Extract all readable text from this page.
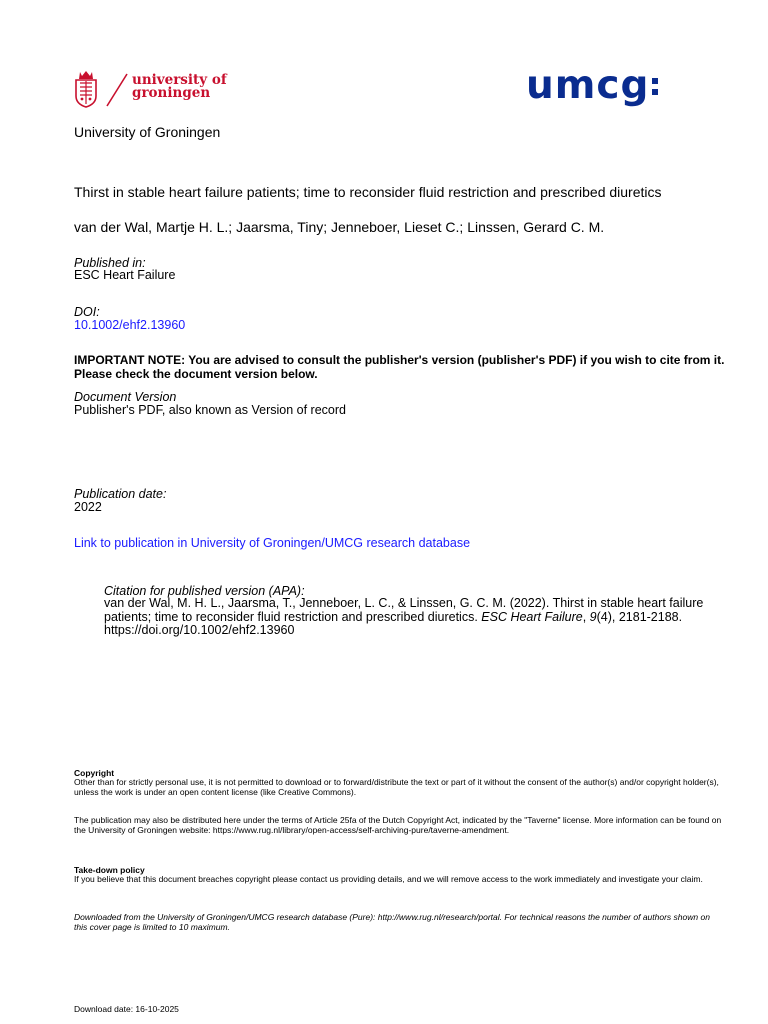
university of
groningen	umcg
University of Groningen
Thirst in stable heart failure patients; time to reconsider fluid restriction and prescribed diuretics
van der Wal, Martje H. L.; Jaarsma, Tiny; Jenneboer, Lieset C.; Linssen, Gerard C. M.
Published in:
ESC Heart Failure
DOI:
10.1002/ehf2.13960
IMPORTANT NOTE: You are advised to consult the publisher's version (publisher's PDF) if you wish to cite from it. Please check the document version below.
Document Version
Publisher's PDF, also known as Version of record
Publication date:
2022
Link to publication in University of Groningen/UMCG research database
Citation for published version (APA):
van der Wal, M. H. L., Jaarsma, T., Jenneboer, L. C., & Linssen, G. C. M. (2022). Thirst in stable heart failure patients; time to reconsider fluid restriction and prescribed diuretics. ESC Heart Failure, 9(4), 2181-2188. https://doi.org/10.1002/ehf2.13960
Copyright
Other than for strictly personal use, it is not permitted to download or to forward/distribute the text or part of it without the consent of the author(s) and/or copyright holder(s), unless the work is under an open content license (like Creative Commons).
The publication may also be distributed here under the terms of Article 25fa of the Dutch Copyright Act, indicated by the "Taverne" license. More information can be found on the University of Groningen website: https://www.rug.nl/library/open-access/self-archiving-pure/taverne-amendment.
Take-down policy
If you believe that this document breaches copyright please contact us providing details, and we will remove access to the work immediately and investigate your claim.
Downloaded from the University of Groningen/UMCG research database (Pure): http://www.rug.nl/research/portal. For technical reasons the number of authors shown on this cover page is limited to 10 maximum.
Download date: 16-10-2025
